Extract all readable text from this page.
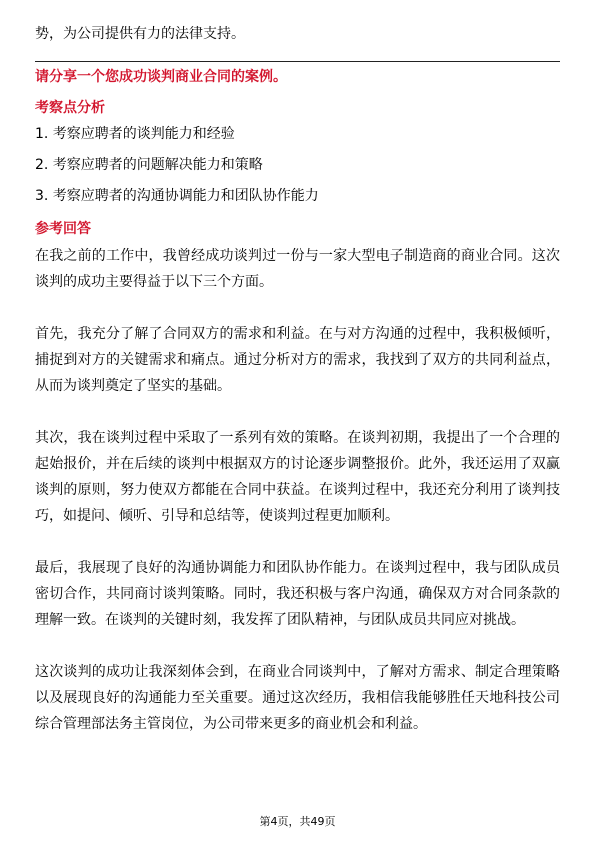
势，为公司提供有力的法律支持。
请分享一个您成功谈判商业合同的案例。
考察点分析
1. 考察应聘者的谈判能力和经验
2. 考察应聘者的问题解决能力和策略
3. 考察应聘者的沟通协调能力和团队协作能力
参考回答

在我之前的工作中，我曾经成功谈判过一份与一家大型电子制造商的商业合同。这次谈判的成功主要得益于以下三个方面。

首先，我充分了解了合同双方的需求和利益。在与对方沟通的过程中，我积极倾听，捕捉到对方的关键需求和痛点。通过分析对方的需求，我找到了双方的共同利益点，从而为谈判奠定了坚实的基础。

其次，我在谈判过程中采取了一系列有效的策略。在谈判初期，我提出了一个合理的起始报价，并在后续的谈判中根据双方的讨论逐步调整报价。此外，我还运用了双赢谈判的原则，努力使双方都能在合同中获益。在谈判过程中，我还充分利用了谈判技巧，如提问、倾听、引导和总结等，使谈判过程更加顺利。

最后，我展现了良好的沟通协调能力和团队协作能力。在谈判过程中，我与团队成员密切合作，共同商讨谈判策略。同时，我还积极与客户沟通，确保双方对合同条款的理解一致。在谈判的关键时刻，我发挥了团队精神，与团队成员共同应对挑战。

这次谈判的成功让我深刻体会到，在商业合同谈判中，了解对方需求、制定合理策略以及展现良好的沟通能力至关重要。通过这次经历，我相信我能够胜任天地科技公司综合管理部法务主管岗位，为公司带来更多的商业机会和利益。

第4页，共49页
